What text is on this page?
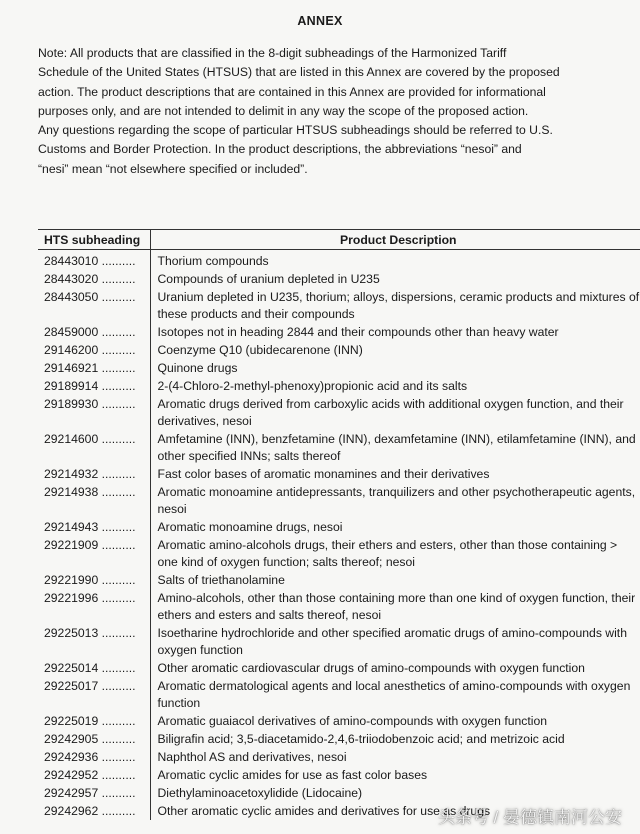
ANNEX
Note: All products that are classified in the 8-digit subheadings of the Harmonized Tariff
Schedule of the United States (HTSUS) that are listed in this Annex are covered by the proposed
action. The product descriptions that are contained in this Annex are provided for informational
purposes only, and are not intended to delimit in any way the scope of the proposed action.
Any questions regarding the scope of particular HTSUS subheadings should be referred to U.S.
Customs and Border Protection. In the product descriptions, the abbreviations “nesoi” and
“nesi” mean “not elsewhere specified or included”.
HTS subheading	Product Description
28443010 ..........	Thorium compounds
28443020 ..........	Compounds of uranium depleted in U235
28443050 ..........	Uranium depleted in U235, thorium; alloys, dispersions, ceramic products and mixtures of these products and their compounds
28459000 ..........	Isotopes not in heading 2844 and their compounds other than heavy water
29146200 ..........	Coenzyme Q10 (ubidecarenone (INN)
29146921 ..........	Quinone drugs
29189914 ..........	2-(4-Chloro-2-methyl-phenoxy)propionic acid and its salts
29189930 ..........	Aromatic drugs derived from carboxylic acids with additional oxygen function, and their derivatives, nesoi
29214600 ..........	Amfetamine (INN), benzfetamine (INN), dexamfetamine (INN), etilamfetamine (INN), and other specified INNs; salts thereof
29214932 ..........	Fast color bases of aromatic monamines and their derivatives
29214938 ..........	Aromatic monoamine antidepressants, tranquilizers and other psychotherapeutic agents, nesoi
29214943 ..........	Aromatic monoamine drugs, nesoi
29221909 ..........	Aromatic amino-alcohols drugs, their ethers and esters, other than those containing > one kind of oxygen function; salts thereof; nesoi
29221990 ..........	Salts of triethanolamine
29221996 ..........	Amino-alcohols, other than those containing more than one kind of oxygen function, their ethers and esters and salts thereof, nesoi
29225013 ..........	Isoetharine hydrochloride and other specified aromatic drugs of amino-compounds with oxygen function
29225014 ..........	Other aromatic cardiovascular drugs of amino-compounds with oxygen function
29225017 ..........	Aromatic dermatological agents and local anesthetics of amino-compounds with oxygen function
29225019 ..........	Aromatic guaiacol derivatives of amino-compounds with oxygen function
29242905 ..........	Biligrafin acid; 3,5-diacetamido-2,4,6-triiodobenzoic acid; and metrizoic acid
29242936 ..........	Naphthol AS and derivatives, nesoi
29242952 ..........	Aromatic cyclic amides for use as fast color bases
29242957 ..........	Diethylaminoacetoxylidide (Lidocaine)
29242962 ..........	Other aromatic cyclic amides and derivatives for use as drugs
头条号 / 晏德镇南河公安
